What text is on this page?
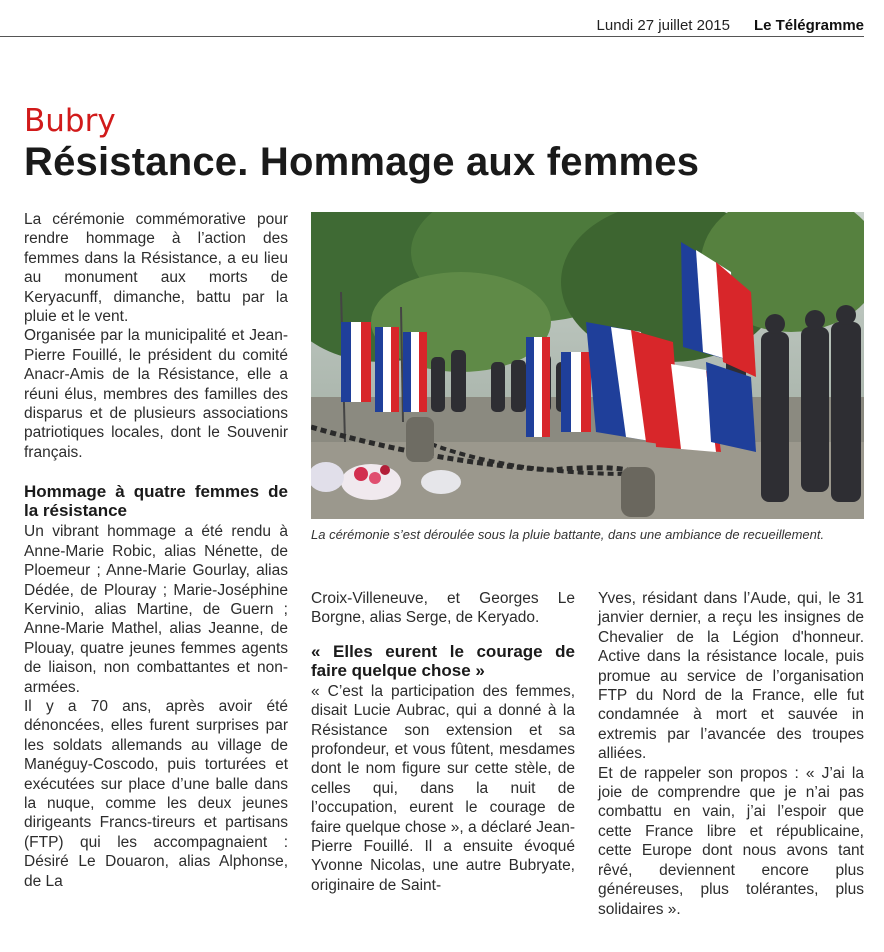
Lundi 27 juillet 2015 Le Télégramme
Bubry
Résistance. Hommage aux femmes

La cérémonie commémorative pour rendre hommage à l’action des femmes dans la Résistance, a eu lieu au monument aux morts de Keryacunff, dimanche, battu par la pluie et le vent.

Organisée par la municipalité et Jean-Pierre Fouillé, le président du comité Anacr-Amis de la Résistance, elle a réuni élus, membres des familles des disparus et de plusieurs associations patriotiques locales, dont le Souvenir français.

Hommage à quatre femmes de la résistance

Un vibrant hommage a été rendu à Anne-Marie Robic, alias Nénette, de Ploemeur ; Anne-Marie Gourlay, alias Dédée, de Plouray ; Marie-Joséphine Kervinio, alias Martine, de Guern ; Anne-Marie Mathel, alias Jeanne, de Plouay, quatre jeunes femmes agents de liaison, non combattantes et non-armées.

Il y a 70 ans, après avoir été dénoncées, elles furent surprises par les soldats allemands au village de Manéguy-Coscodo, puis torturées et exécutées sur place d’une balle dans la nuque, comme les deux jeunes dirigeants Francs-tireurs et partisans (FTP) qui les accompagnaient : Désiré Le Douaron, alias Alphonse, de La

La cérémonie s’est déroulée sous la pluie battante, dans une ambiance de recueillement.

Croix-Villeneuve, et Georges Le Borgne, alias Serge, de Keryado.

« Elles eurent le courage de faire quelque chose »

« C’est la participation des femmes, disait Lucie Aubrac, qui a donné à la Résistance son extension et sa profondeur, et vous fûtent, mesdames dont le nom figure sur cette stèle, de celles qui, dans la nuit de l’occupation, eurent le courage de faire quelque chose », a déclaré Jean-Pierre Fouillé. Il a ensuite évoqué Yvonne Nicolas, une autre Bubryate, originaire de Saint-

Yves, résidant dans l’Aude, qui, le 31 janvier dernier, a reçu les insignes de Chevalier de la Légion d'honneur. Active dans la résistance locale, puis promue au service de l’organisation FTP du Nord de la France, elle fut condamnée à mort et sauvée in extremis par l’avancée des troupes alliées.

Et de rappeler son propos : « J’ai la joie de comprendre que je n’ai pas combattu en vain, j’ai l’espoir que cette France libre et républicaine, cette Europe dont nous avons tant rêvé, deviennent encore plus généreuses, plus tolérantes, plus solidaires ».
